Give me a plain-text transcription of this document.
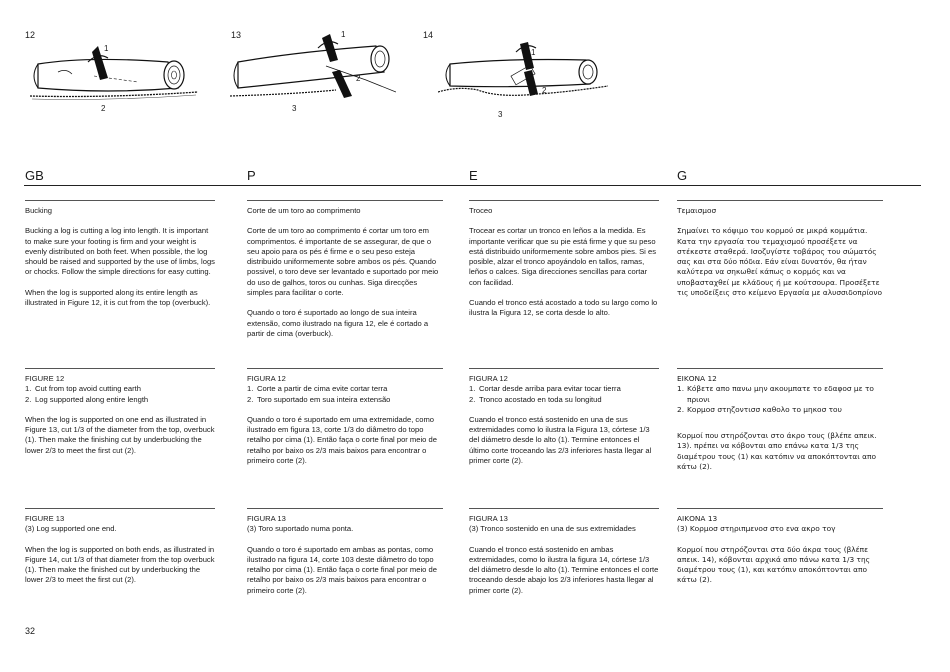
12	13	14
1
2
1
2
3
1
2
3
GB	P	E	G

Bucking

Bucking a log is cutting a log into length. It is important to make sure your footing is firm and your weight is evenly distributed on both feet. When possible, the log should be raised and supported by the use of limbs, logs or chocks. Follow the simple directions for easy cutting.

When the log is supported along its entire length as illustrated in Figure 12, it is cut from the top (overbuck).

FIGURE 12

1. Cut from top avoid cutting earth
2. Log supported along entire length

When the log is supported on one end as illustrated in Figure 13, cut 1/3 of the diameter from the top, overbuck (1). Then make the finishing cut by underbucking the lower 2/3 to meet the first cut (2).

FIGURE 13

(3) Log supported one end.

When the log is supported on both ends, as illustrated in Figure 14, cut 1/3 of that diameter from the top overbuck (1). Then make the finished cut by underbucking the lower 2/3 to meet the first cut (2).

Corte de um toro ao comprimento

Corte de um toro ao comprimento é cortar um toro em comprimentos. é importante de se assegurar, de que o seu apoio para os pés é firme e o seu peso esteja distribuido uniformemente sobre ambos os pés. Quando possivel, o toro deve ser levantado e suportado por meio do uso de galhos, toros ou cunhas. Siga direcções simples para facilitar o corte.

Quando o toro é suportado ao longo de sua inteira extensão, como ilustrado na figura 12, ele é cortado a partir de cima (overbuck).

FIGURA 12

1. Corte a partir de cima evite cortar terra
2. Toro suportado em sua inteira extensão

Quando o toro é suportado em uma extremidade, como ilustrado em figura 13, corte 1/3 do diâmetro do topo retalho por cima (1). Então faça o corte final por meio de retalho por baixo os 2/3 mais baixos para encontrar o primeiro corte (2).

FIGURA 13

(3) Toro suportado numa ponta.

Quando o toro é suportado em ambas as pontas, como ilustrado na figura 14, corte 103 deste diâmetro do topo retalho por cima (1). Então faça o corte final por meio de retalho por baixo os 2/3 mais baixos para encontrar o primeiro corte (2).

Troceo

Trocear es cortar un tronco en leños a la medida. Es importante verificar que su pie está firme y que su peso está distribuido uniformemente sobre ambos pies. Si es posible, alzar el tronco apoyándolo en tallos, ramas, leños o calces. Siga direcciones sencillas para cortar con facilidad.

Cuando el tronco está acostado a todo su largo como lo ilustra la Figura 12, se corta desde lo alto.

FIGURA 12

1. Cortar desde arriba para evitar tocar tierra
2. Tronco acostado en toda su longitud

Cuando el tronco está sostenido en una de sus extremidades como lo ilustra la Figura 13, córtese 1/3 del diámetro desde lo alto (1). Termine entonces el último corte troceando las 2/3 inferiores hasta llegar al primer corte (2).

FIGURA 13

(3) Tronco sostenido en una de sus extremidades

Cuando el tronco está sostenido en ambas extremidades, como lo ilustra la figura 14, córtese 1/3 del diámetro desde lo alto (1). Termine entonces el corte troceando desde abajo los 2/3 inferiores hasta llegar al primer corte (2).

Τεμαισμοσ

Σημαίνει το κόψιμο του κορμού σε μικρά κομμάτια. Κατα την εργασία του τεμαχισμού προσέξετε να στέκεστε σταθερά. Ισοζυγίστε τοβάρος του σώματός σας και στα δύο πόδια. Εάν είναι δυνατόν, θα ήταν καλύτερα να σηκωθεί κάπως ο κορμός και να υποβασταχθεί με κλάδους ή με κούτσουρα. Προσέξετε τις υποδείξεις στο κείμενο Εργασία με αλυσσιδοπρίονο

ΕΙΚΟΝΑ 12

1. Κόβετε απο πανω μην ακουμπατε το εδαφοσ με το πριονι
2. Κορμοσ στηζοντισσ καθολο το μηκοσ του

Κορμοί που στηρόζονται στο άκρο τους (βλέπε απεικ. 13). πρέπει να κόβονται απο επάνω κατα 1/3 της διαμέτρου τους (1) και κατόπιν να αποκόπτονται απο κάτω (2).

ΑΙΚΟΝΑ 13

(3) Κορμοσ στηριπμενοσ στο ενα ακρο τογ

Κορμοί που στηρόζονται στα δύο άκρα τους (βλέπε απεικ. 14), κόβονται αρχικά απο πάνω κατα 1/3 της διαμέτρου τους (1), και κατόπιν αποκόπτονται απο κάτω (2).

32
